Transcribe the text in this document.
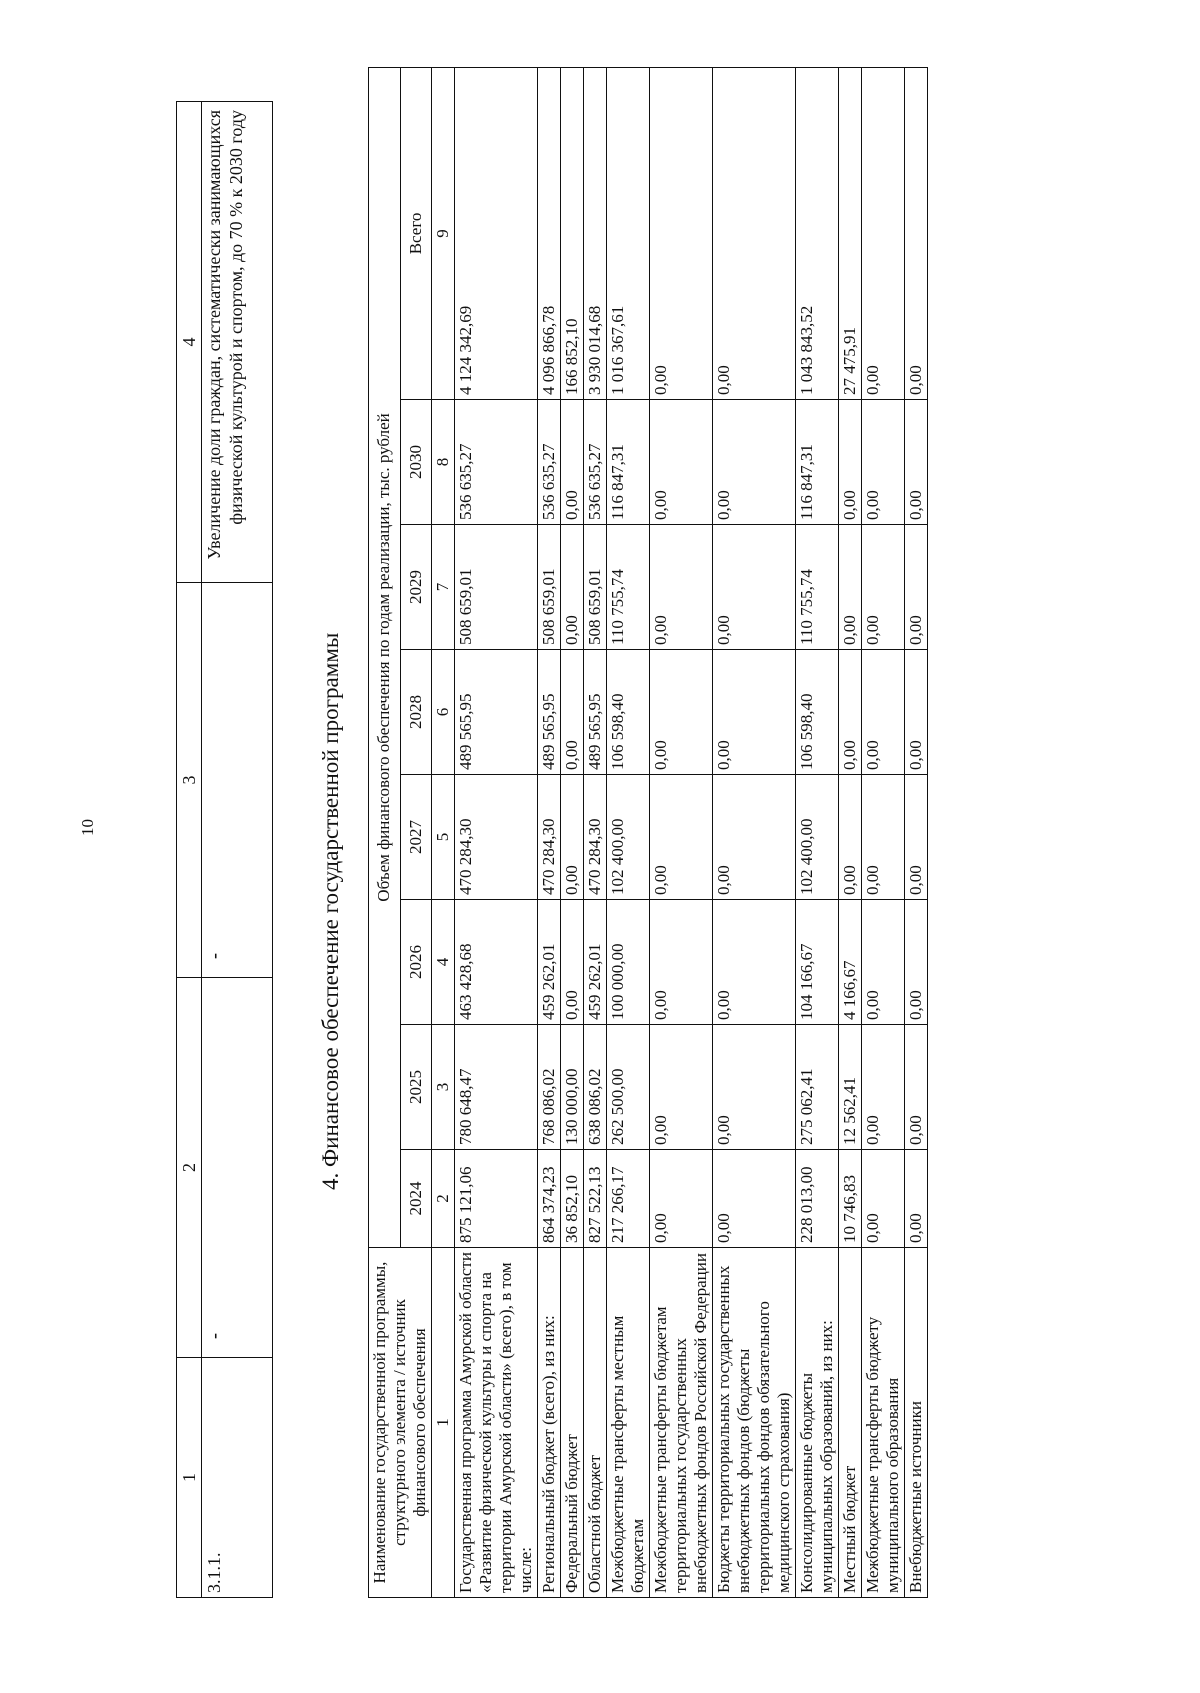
10
1	2	3	4
3.1.1.	-	-	Увеличение доли граждан, систематически занимающихся физической культурой и спортом, до 70 % к 2030 году
4. Финансовое обеспечение государственной программы
Наименование государственной программы, структурного элемента / источник финансового обеспечения	Объем финансового обеспечения по годам реализации, тыс. рублей							
	2024	2025	2026	2027	2028	2029	2030	Всего
1	2	3	4	5	6	7	8	9
Государственная программа Амурской области «Развитие физической культуры и спорта на территории Амурской области» (всего), в том числе:	875 121,06	780 648,47	463 428,68	470 284,30	489 565,95	508 659,01	536 635,27	4 124 342,69
Региональный бюджет (всего), из них:	864 374,23	768 086,02	459 262,01	470 284,30	489 565,95	508 659,01	536 635,27	4 096 866,78
Федеральный бюджет	36 852,10	130 000,00	0,00	0,00	0,00	0,00	0,00	166 852,10
Областной бюджет	827 522,13	638 086,02	459 262,01	470 284,30	489 565,95	508 659,01	536 635,27	3 930 014,68
Межбюджетные трансферты местным бюджетам	217 266,17	262 500,00	100 000,00	102 400,00	106 598,40	110 755,74	116 847,31	1 016 367,61
Межбюджетные трансферты бюджетам территориальных государственных внебюджетных фондов Российской Федерации	0,00	0,00	0,00	0,00	0,00	0,00	0,00	0,00
Бюджеты территориальных государственных внебюджетных фондов (бюджеты территориальных фондов обязательного медицинского страхования)	0,00	0,00	0,00	0,00	0,00	0,00	0,00	0,00
Консолидированные бюджеты муниципальных образований, из них:	228 013,00	275 062,41	104 166,67	102 400,00	106 598,40	110 755,74	116 847,31	1 043 843,52
Местный бюджет	10 746,83	12 562,41	4 166,67	0,00	0,00	0,00	0,00	27 475,91
Межбюджетные трансферты бюджету муниципального образования	0,00	0,00	0,00	0,00	0,00	0,00	0,00	0,00
Внебюджетные источники	0,00	0,00	0,00	0,00	0,00	0,00	0,00	0,00
